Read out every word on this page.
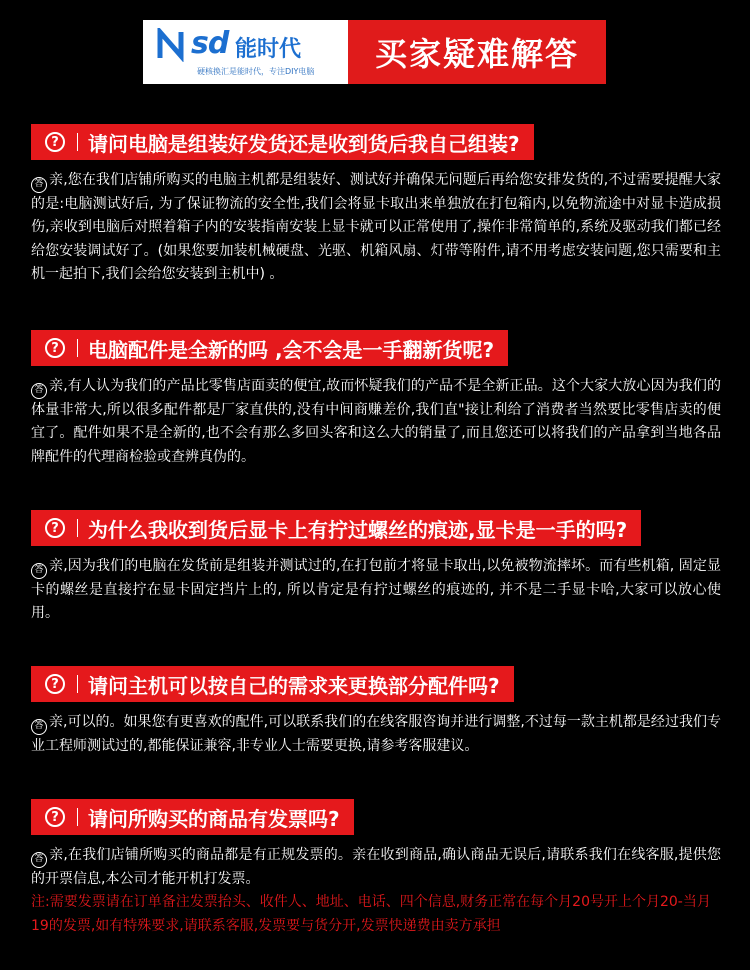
sd 能时代
硬核换汇是能时代，专注DIY电脑	买家疑难解答
?	请问电脑是组装好发货还是收到货后我自己组装?
答 亲,您在我们店铺所购买的电脑主机都是组装好、测试好并确保无问题后再给您安排发货的,不过需要提醒大家的是:电脑测试好后, 为了保证物流的安全性,我们会将显卡取出来单独放在打包箱内,以免物流途中对显卡造成损伤,亲收到电脑后对照着箱子内的安装指南安装上显卡就可以正常使用了,操作非常简单的,系统及驱动我们都已经给您安装调试好了。(如果您要加装机械硬盘、光驱、机箱风扇、灯带等附件,请不用考虑安装问题,您只需要和主机一起拍下,我们会给您安装到主机中) 。
?	电脑配件是全新的吗 ,会不会是一手翻新货呢?
答 亲,有人认为我们的产品比零售店面卖的便宜,故而怀疑我们的产品不是全新正品。这个大家大放心因为我们的体量非常大,所以很多配件都是厂家直供的,没有中间商赚差价,我们直"接让利给了消费者当然要比零售店卖的便宜了。配件如果不是全新的,也不会有那么多回头客和这么大的销量了,而且您还可以将我们的产品拿到当地各品牌配件的代理商检验或查辨真伪的。
?	为什么我收到货后显卡上有拧过螺丝的痕迹,显卡是一手的吗?
答 亲,因为我们的电脑在发货前是组装并测试过的,在打包前才将显卡取出,以免被物流摔坏。而有些机箱, 固定显卡的螺丝是直接拧在显卡固定挡片上的, 所以肯定是有拧过螺丝的痕迹的, 并不是二手显卡哈,大家可以放心使用。
?	请问主机可以按自己的需求来更换部分配件吗?
答 亲,可以的。如果您有更喜欢的配件,可以联系我们的在线客服咨询并进行调整,不过每一款主机都是经过我们专业工程师测试过的,都能保证兼容,非专业人士需要更换,请参考客服建议。
?	请问所购买的商品有发票吗?
答 亲,在我们店铺所购买的商品都是有正规发票的。亲在收到商品,确认商品无误后,请联系我们在线客服,提供您的开票信息,本公司才能开机打发票。
注:需要发票请在订单备注发票抬头、收件人、地址、电话、四个信息,财务正常在每个月20号开上个月20-当月19的发票,如有特殊要求,请联系客服,发票要与货分开,发票快递费由卖方承担
